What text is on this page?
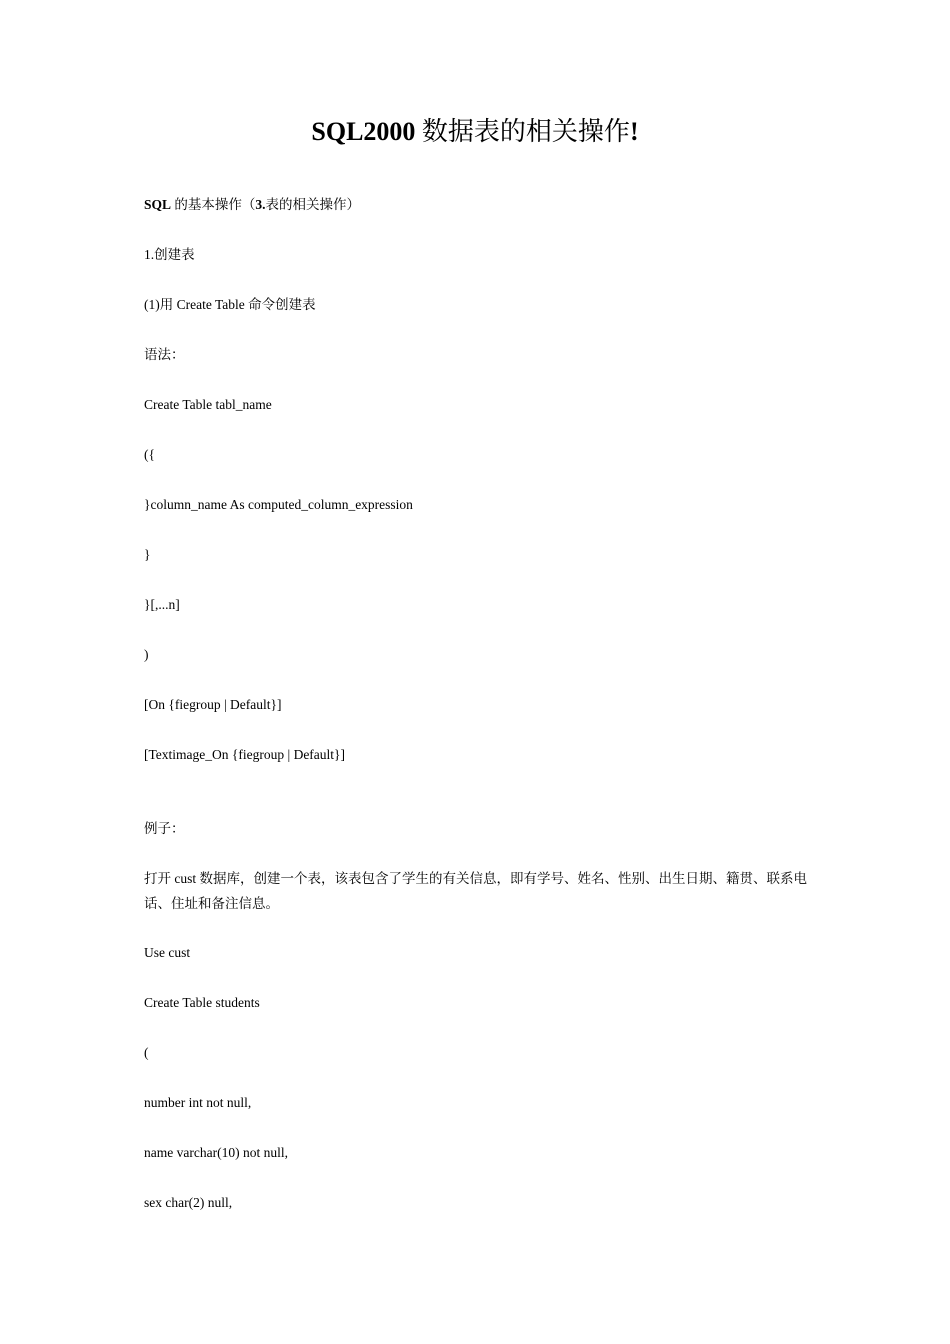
SQL2000 数据表的相关操作!

SQL 的基本操作（3.表的相关操作）

1.创建表

(1)用 Create Table 命令创建表

语法：

Create Table tabl_name

({

}column_name As computed_column_expression

}

}[,...n]

)

[On {fiegroup | Default}]

[Textimage_On {fiegroup | Default}]

例子：

打开 cust 数据库，创建一个表，该表包含了学生的有关信息，即有学号、姓名、性别、出生日期、籍贯、联系电话、住址和备注信息。

Use cust

Create Table students

(

number int not null,

name varchar(10) not null,

sex char(2) null,
